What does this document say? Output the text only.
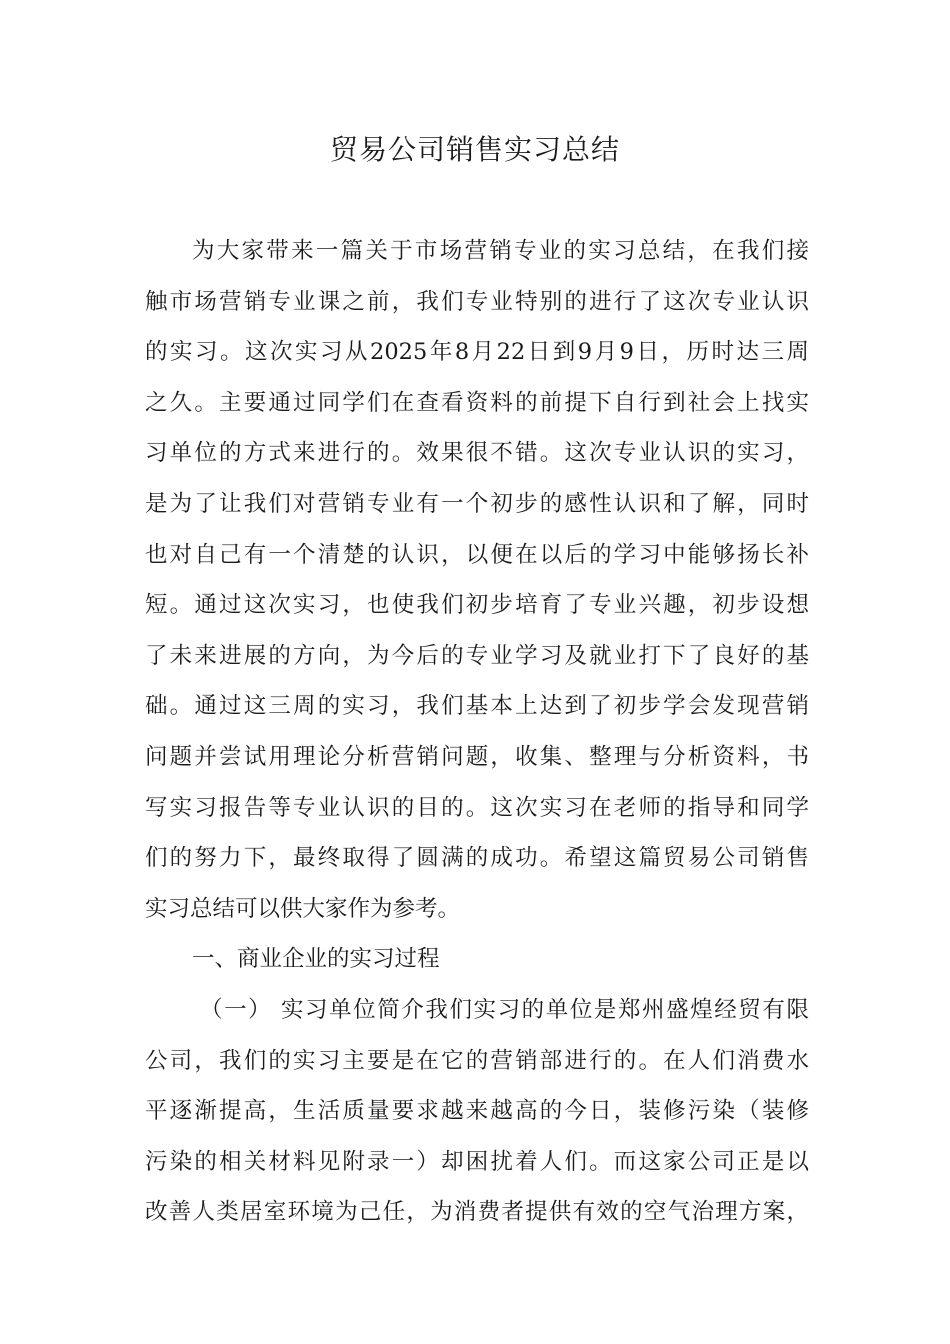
贸易公司销售实习总结

为大家带来一篇关于市场营销专业的实习总结，在我们接
触市场营销专业课之前，我们专业特别的进行了这次专业认识
的实习。这次实习从2025年8月22日到9月9日，历时达三周
之久。主要通过同学们在查看资料的前提下自行到社会上找实
习单位的方式来进行的。效果很不错。这次专业认识的实习，
是为了让我们对营销专业有一个初步的感性认识和了解，同时
也对自己有一个清楚的认识，以便在以后的学习中能够扬长补
短。通过这次实习，也使我们初步培育了专业兴趣，初步设想
了未来进展的方向，为今后的专业学习及就业打下了良好的基
础。通过这三周的实习，我们基本上达到了初步学会发现营销
问题并尝试用理论分析营销问题，收集、整理与分析资料，书
写实习报告等专业认识的目的。这次实习在老师的指导和同学
们的努力下，最终取得了圆满的成功。希望这篇贸易公司销售
实习总结可以供大家作为参考。

一、商业企业的实习过程

（一） 实习单位简介我们实习的单位是郑州盛煌经贸有限
公司，我们的实习主要是在它的营销部进行的。在人们消费水
平逐渐提高，生活质量要求越来越高的今日，装修污染（装修
污染的相关材料见附录一）却困扰着人们。而这家公司正是以
改善人类居室环境为己任，为消费者提供有效的空气治理方案，
